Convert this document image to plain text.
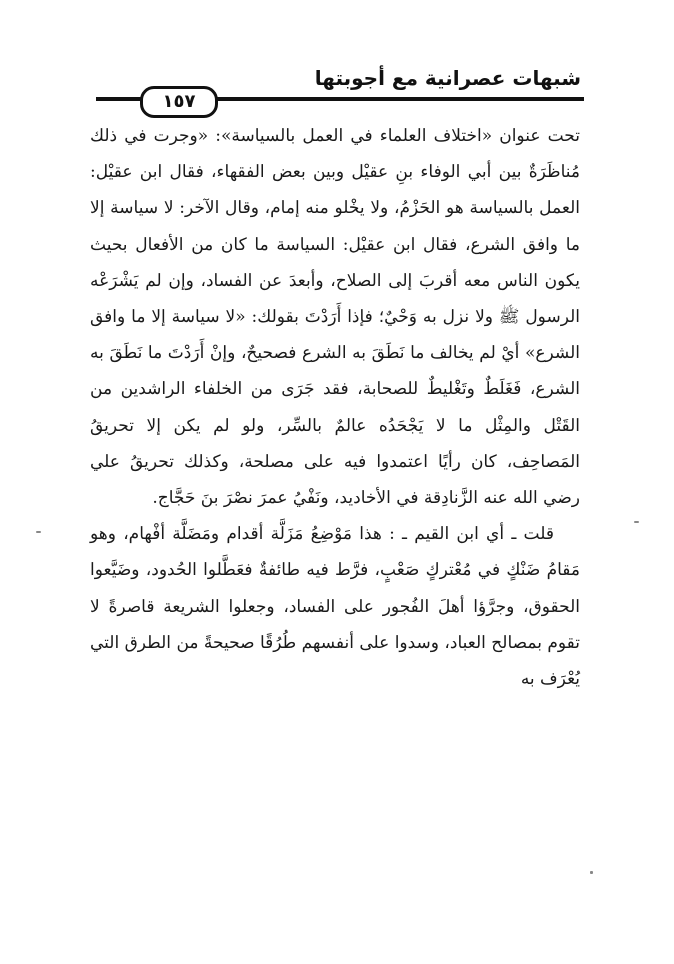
شبهات عصرانية مع أجوبتها
١٥٧

تحت عنوان «اختلاف العلماء في العمل بالسياسة»: «وجرت في ذلك مُناظَرَةٌ بين أبي الوفاء بنِ عقيْل وبين بعض الفقهاء، فقال ابن عقيْل: العمل بالسياسة هو الحَزْمُ، ولا يخْلو منه إمام، وقال الآخر: لا سياسة إلا ما وافق الشرع، فقال ابن عقيْل: السياسة ما كان من الأفعال بحيث يكون الناس معه أقربَ إلى الصلاح، وأبعدَ عن الفساد، وإن لم يَشْرَعْه الرسول ﷺ ولا نزل به وَحْيٌ؛ فإذا أَرَدْتَ بقولك: «لا سياسة إلا ما وافق الشرع» أيْ لم يخالف ما نَطَقَ به الشرع فصحيحٌ، وإنْ أَرَدْتَ ما نَطَقَ به الشرع، فَغَلَطٌ وتَغْليطٌ للصحابة، فقد جَرَى من الخلفاء الراشدين من القَتْل والمِثْل ما لا يَجْحَدُه عالمٌ بالسِّر، ولو لم يكن إلا تحريقُ المَصاحِف، كان رأيًا اعتمدوا فيه على مصلحة، وكذلك تحريقُ علي رضي الله عنه الزَّنادِقة في الأخاديد، ونَفْيُ عمرَ نصْرَ بنَ حَجَّاج.

قلت ـ أي ابن القيم ـ : هذا مَوْضِعُ مَزَلَّة أقدام ومَضَلَّة أفْهام، وهو مَقامُ ضَنْكٍ في مُعْتركٍ صَعْبٍ، فرَّط فيه طائفةٌ فعَطَّلوا الحُدود، وضَيَّعوا الحقوق، وجرَّؤا أهلَ الفُجور على الفساد، وجعلوا الشريعة قاصرةً لا تقوم بمصالح العباد، وسدوا على أنفسهم طُرُقًا صحيحةً من الطرق التي يُعْرَف به
